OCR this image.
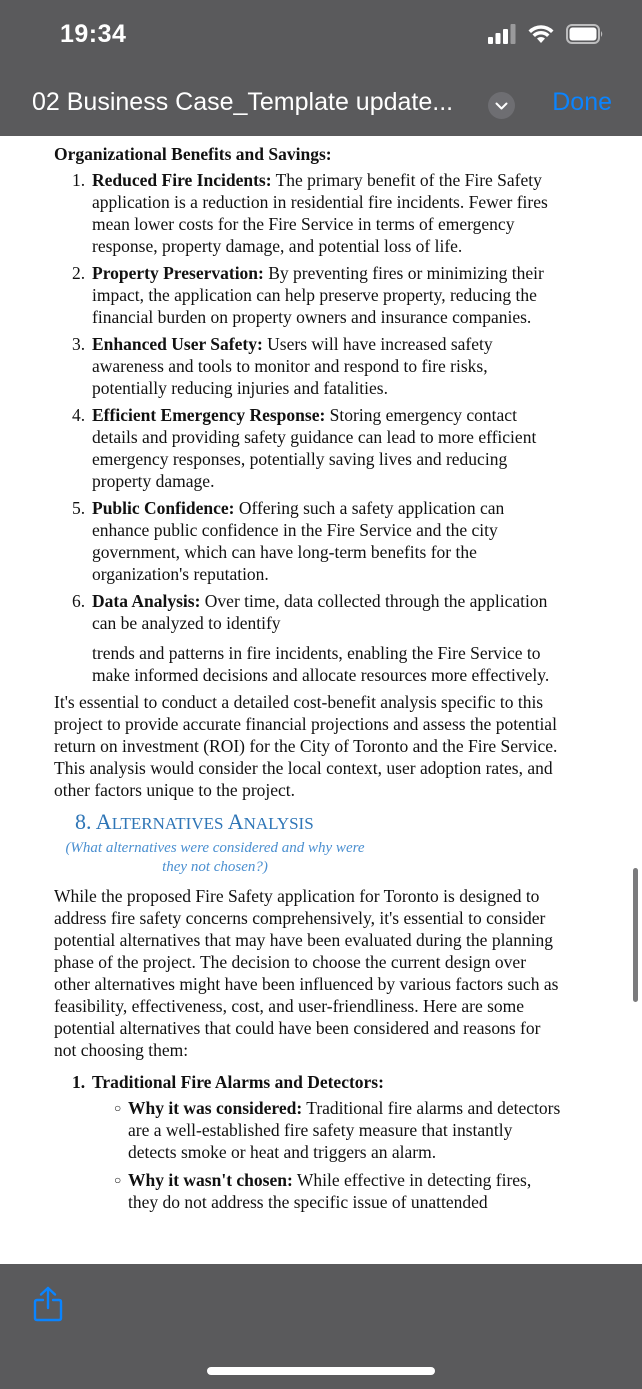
19:34
02 Business Case_Template update...	Done
Organizational Benefits and Savings:
1. Reduced Fire Incidents: The primary benefit of the Fire Safety application is a reduction in residential fire incidents. Fewer fires mean lower costs for the Fire Service in terms of emergency response, property damage, and potential loss of life.
2. Property Preservation: By preventing fires or minimizing their impact, the application can help preserve property, reducing the financial burden on property owners and insurance companies.
3. Enhanced User Safety: Users will have increased safety awareness and tools to monitor and respond to fire risks, potentially reducing injuries and fatalities.
4. Efficient Emergency Response: Storing emergency contact details and providing safety guidance can lead to more efficient emergency responses, potentially saving lives and reducing property damage.
5. Public Confidence: Offering such a safety application can enhance public confidence in the Fire Service and the city government, which can have long-term benefits for the organization's reputation.
6. Data Analysis: Over time, data collected through the application can be analyzed to identify
trends and patterns in fire incidents, enabling the Fire Service to make informed decisions and allocate resources more effectively.
It's essential to conduct a detailed cost-benefit analysis specific to this project to provide accurate financial projections and assess the potential return on investment (ROI) for the City of Toronto and the Fire Service. This analysis would consider the local context, user adoption rates, and other factors unique to the project.
8. ALTERNATIVES ANALYSIS
(What alternatives were considered and why were they not chosen?)
While the proposed Fire Safety application for Toronto is designed to address fire safety concerns comprehensively, it's essential to consider potential alternatives that may have been evaluated during the planning phase of the project. The decision to choose the current design over other alternatives might have been influenced by various factors such as feasibility, effectiveness, cost, and user-friendliness. Here are some potential alternatives that could have been considered and reasons for not choosing them:
1. Traditional Fire Alarms and Detectors:
○ Why it was considered: Traditional fire alarms and detectors are a well-established fire safety measure that instantly detects smoke or heat and triggers an alarm.
○ Why it wasn't chosen: While effective in detecting fires, they do not address the specific issue of unattended
